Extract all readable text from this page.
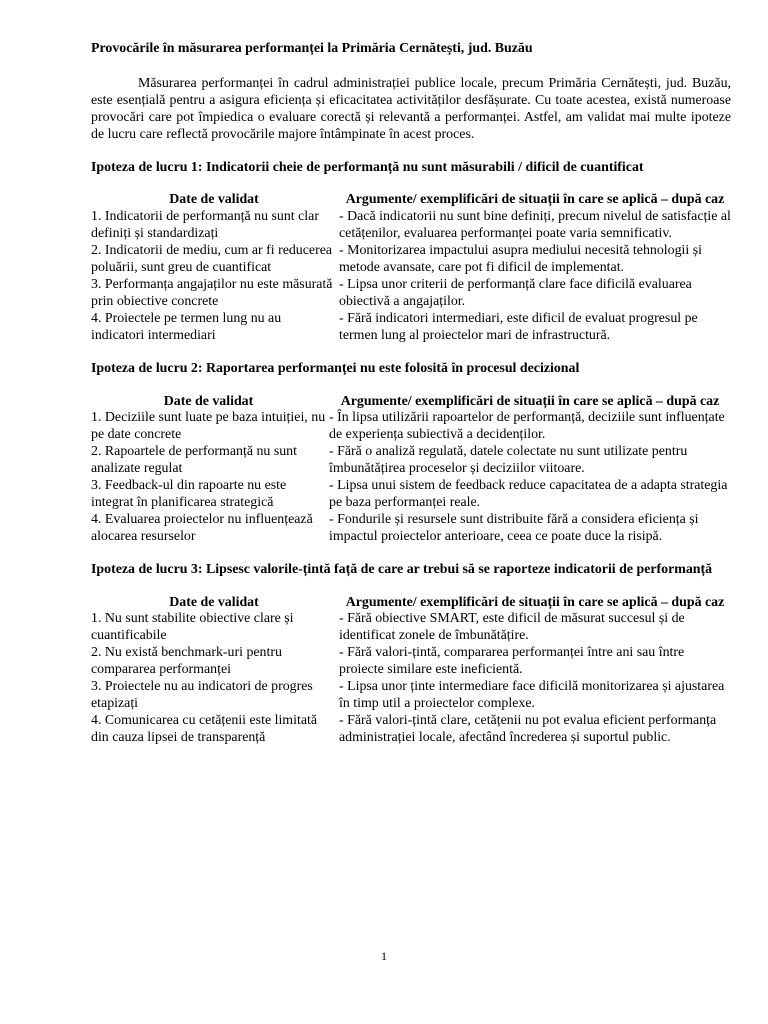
Provocările în măsurarea performanței la Primăria Cernătești, jud. Buzău

Măsurarea performanței în cadrul administrației publice locale, precum Primăria Cernătești, jud. Buzău, este esențială pentru a asigura eficiența și eficacitatea activităților desfășurate. Cu toate acestea, există numeroase provocări care pot împiedica o evaluare corectă și relevantă a performanței. Astfel, am validat mai multe ipoteze de lucru care reflectă provocările majore întâmpinate în acest proces.

Ipoteza de lucru 1: Indicatorii cheie de performanță nu sunt măsurabili / dificil de cuantificat
Date de validat	Argumente/ exemplificări de situații în care se aplică – după caz
1. Indicatorii de performanță nu sunt clar definiți și standardizați	- Dacă indicatorii nu sunt bine definiți, precum nivelul de satisfacție al cetățenilor, evaluarea performanței poate varia semnificativ.
2. Indicatorii de mediu, cum ar fi reducerea poluării, sunt greu de cuantificat	- Monitorizarea impactului asupra mediului necesită tehnologii și metode avansate, care pot fi dificil de implementat.
3. Performanța angajaților nu este măsurată prin obiective concrete	- Lipsa unor criterii de performanță clare face dificilă evaluarea obiectivă a angajaților.
4. Proiectele pe termen lung nu au indicatori intermediari	- Fără indicatori intermediari, este dificil de evaluat progresul pe termen lung al proiectelor mari de infrastructură.
Ipoteza de lucru 2: Raportarea performanței nu este folosită în procesul decizional
Date de validat	Argumente/ exemplificări de situații în care se aplică – după caz
1. Deciziile sunt luate pe baza intuiției, nu pe date concrete	- În lipsa utilizării rapoartelor de performanță, deciziile sunt influențate de experiența subiectivă a decidenților.
2. Rapoartele de performanță nu sunt analizate regulat	- Fără o analiză regulată, datele colectate nu sunt utilizate pentru îmbunătățirea proceselor și deciziilor viitoare.
3. Feedback-ul din rapoarte nu este integrat în planificarea strategică	- Lipsa unui sistem de feedback reduce capacitatea de a adapta strategia pe baza performanței reale.
4. Evaluarea proiectelor nu influențează alocarea resurselor	- Fondurile și resursele sunt distribuite fără a considera eficiența și impactul proiectelor anterioare, ceea ce poate duce la risipă.
Ipoteza de lucru 3: Lipsesc valorile-țintă față de care ar trebui să se raporteze indicatorii de performanță
Date de validat	Argumente/ exemplificări de situații în care se aplică – după caz
1. Nu sunt stabilite obiective clare și cuantificabile	- Fără obiective SMART, este dificil de măsurat succesul și de identificat zonele de îmbunătățire.
2. Nu există benchmark-uri pentru compararea performanței	- Fără valori-țintă, compararea performanței între ani sau între proiecte similare este ineficientă.
3. Proiectele nu au indicatori de progres etapizați	- Lipsa unor ținte intermediare face dificilă monitorizarea și ajustarea în timp util a proiectelor complexe.
4. Comunicarea cu cetățenii este limitată din cauza lipsei de transparență	- Fără valori-țintă clare, cetățenii nu pot evalua eficient performanța administrației locale, afectând încrederea și suportul public.
1
